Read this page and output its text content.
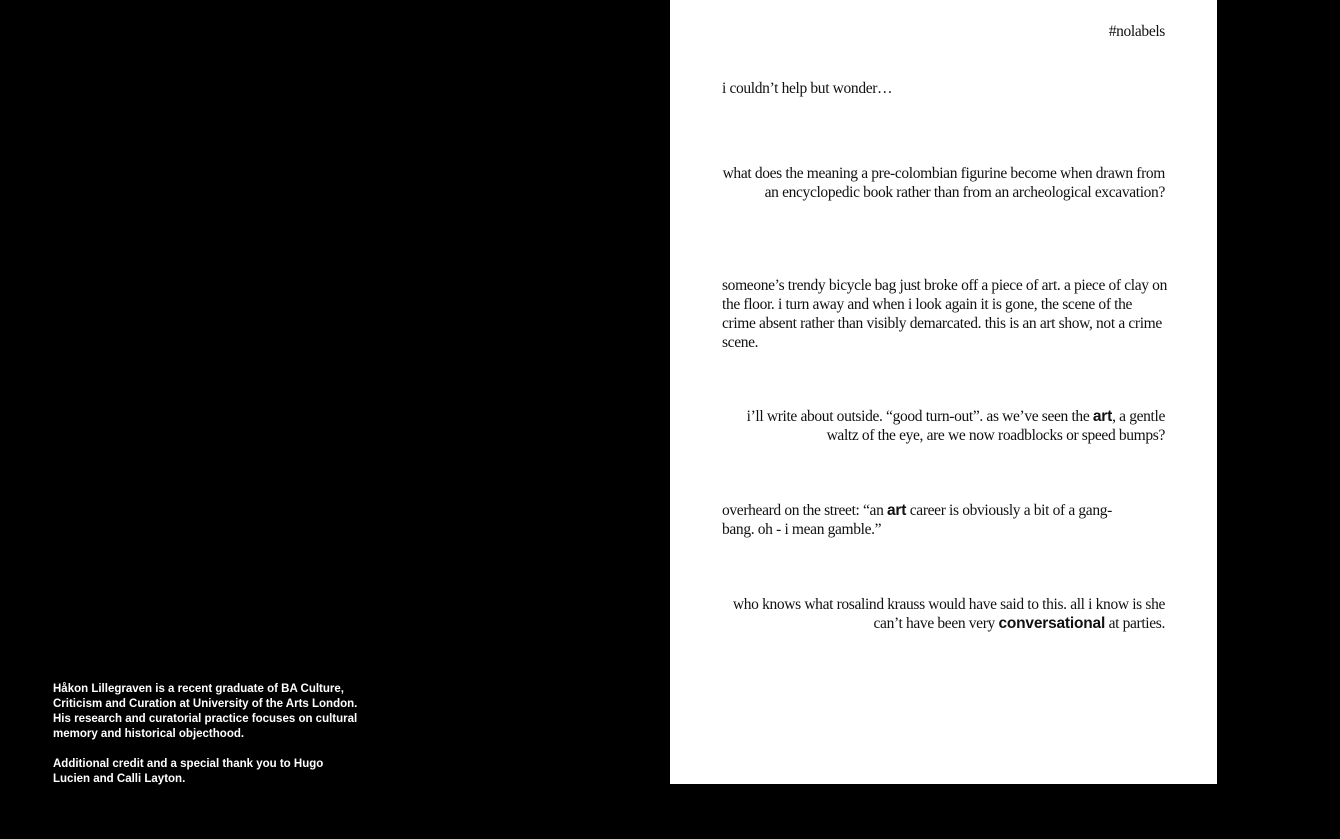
Håkon Lillegraven is a recent graduate of BA Culture, Criticism and Curation at University of the Arts London. His research and curatorial practice focuses on cultural memory and historical objecthood.

Additional credit and a special thank you to Hugo Lucien and Calli Layton.

#nolabels

i couldn’t help but wonder…

what does the meaning a pre-colombian figurine become when drawn from an encyclopedic book rather than from an archeological excavation?

someone’s trendy bicycle bag just broke off a piece of art. a piece of clay on the floor. i turn away and when i look again it is gone, the scene of the crime absent rather than visibly demarcated. this is an art show, not a crime scene.

i’ll write about outside. “good turn-out”. as we’ve seen the art, a gentle waltz of the eye, are we now roadblocks or speed bumps?

overheard on the street: “an art career is obviously a bit of a gang-bang. oh - i mean gamble.”

who knows what rosalind krauss would have said to this. all i know is she can’t have been very conversational at parties.
